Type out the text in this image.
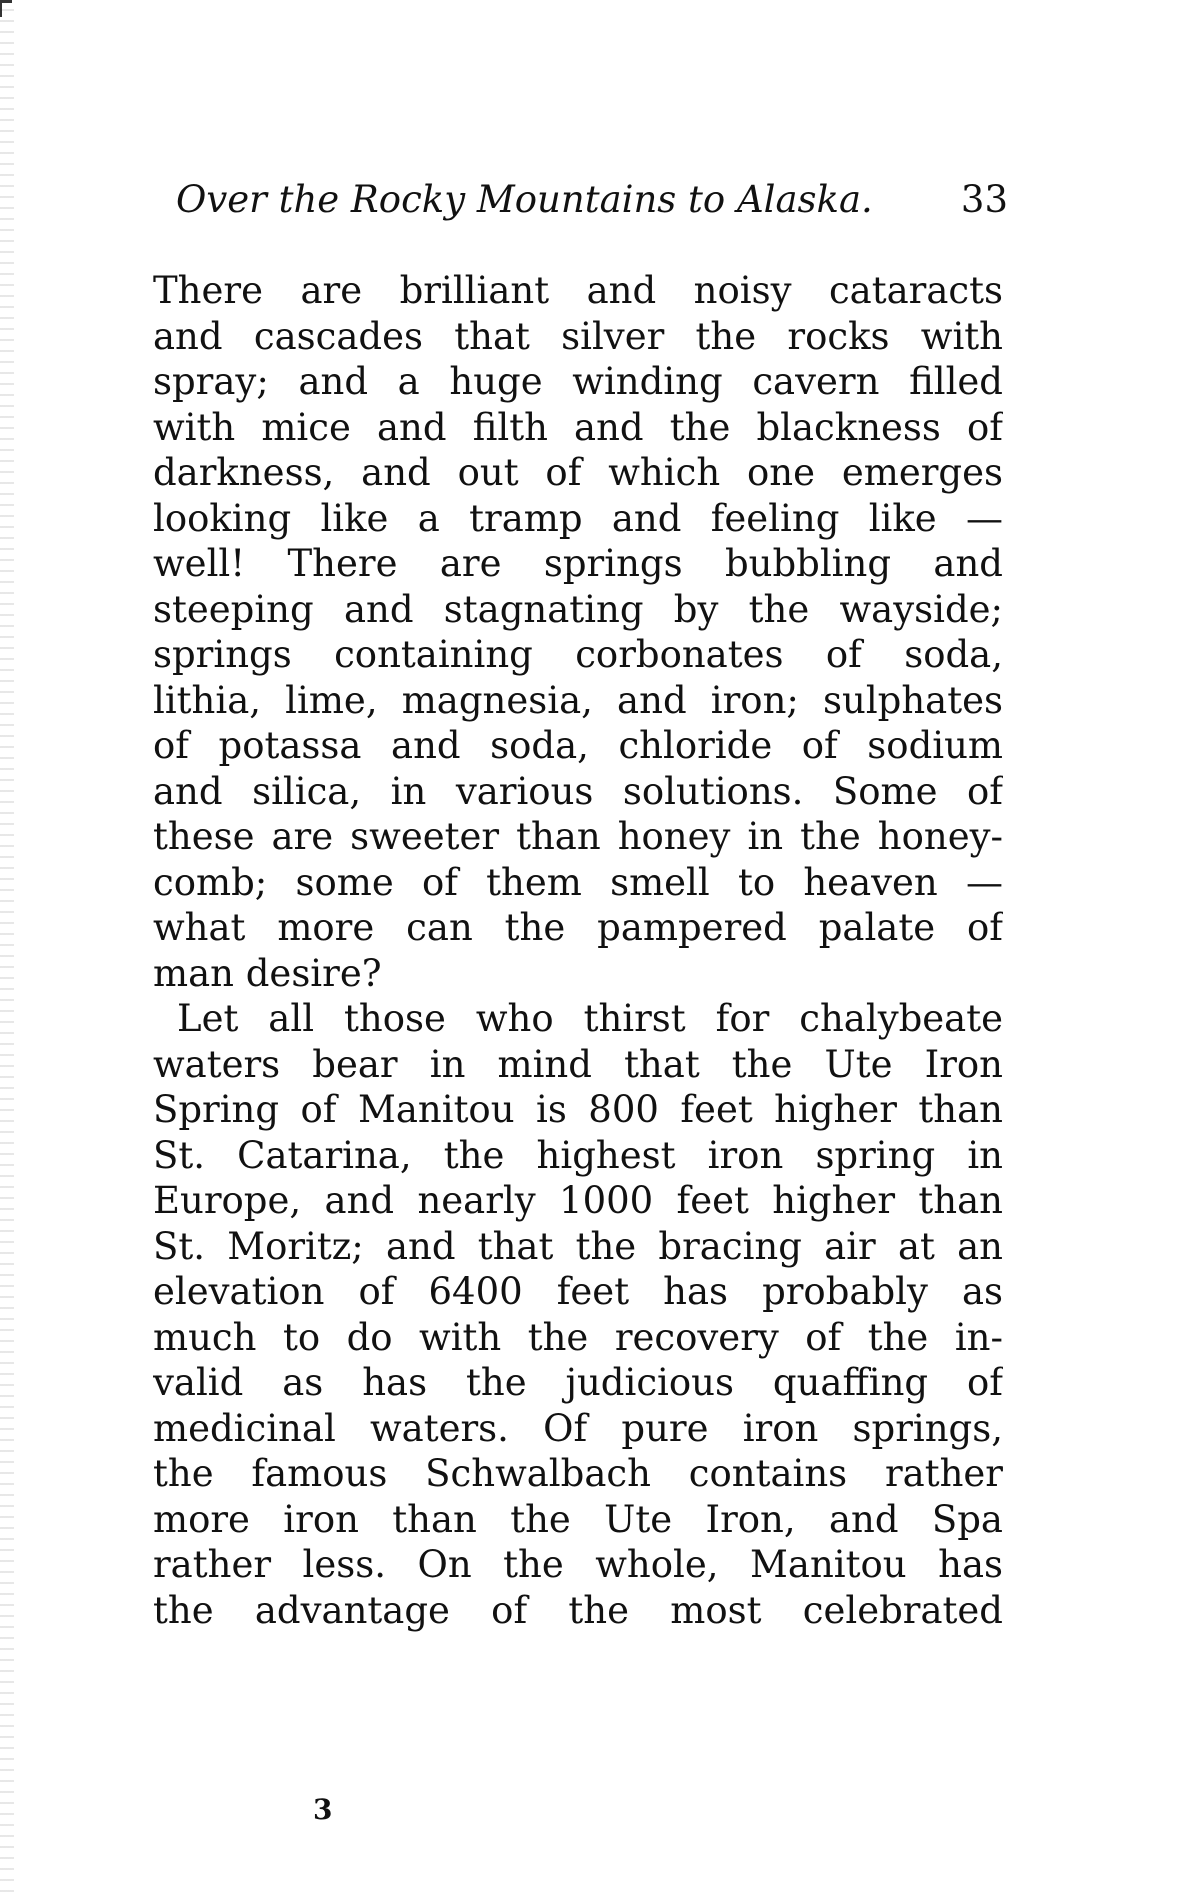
Over the Rocky Mountains to Alaska. 33
There are brilliant and noisy cataracts
and cascades that silver the rocks with
spray; and a huge winding cavern filled
with mice and filth and the blackness of
darkness, and out of which one emerges
looking like a tramp and feeling like —
well! There are springs bubbling and
steeping and stagnating by the wayside;
springs containing corbonates of soda,
lithia, lime, magnesia, and iron; sulphates
of potassa and soda, chloride of sodium
and silica, in various solutions. Some of
these are sweeter than honey in the honey-
comb; some of them smell to heaven —
what more can the pampered palate of
man desire?
Let all those who thirst for chalybeate
waters bear in mind that the Ute Iron
Spring of Manitou is 800 feet higher than
St. Catarina, the highest iron spring in
Europe, and nearly 1000 feet higher than
St. Moritz; and that the bracing air at an
elevation of 6400 feet has probably as
much to do with the recovery of the in-
valid as has the judicious quaffing of
medicinal waters. Of pure iron springs,
the famous Schwalbach contains rather
more iron than the Ute Iron, and Spa
rather less. On the whole, Manitou has
the advantage of the most celebrated
3
